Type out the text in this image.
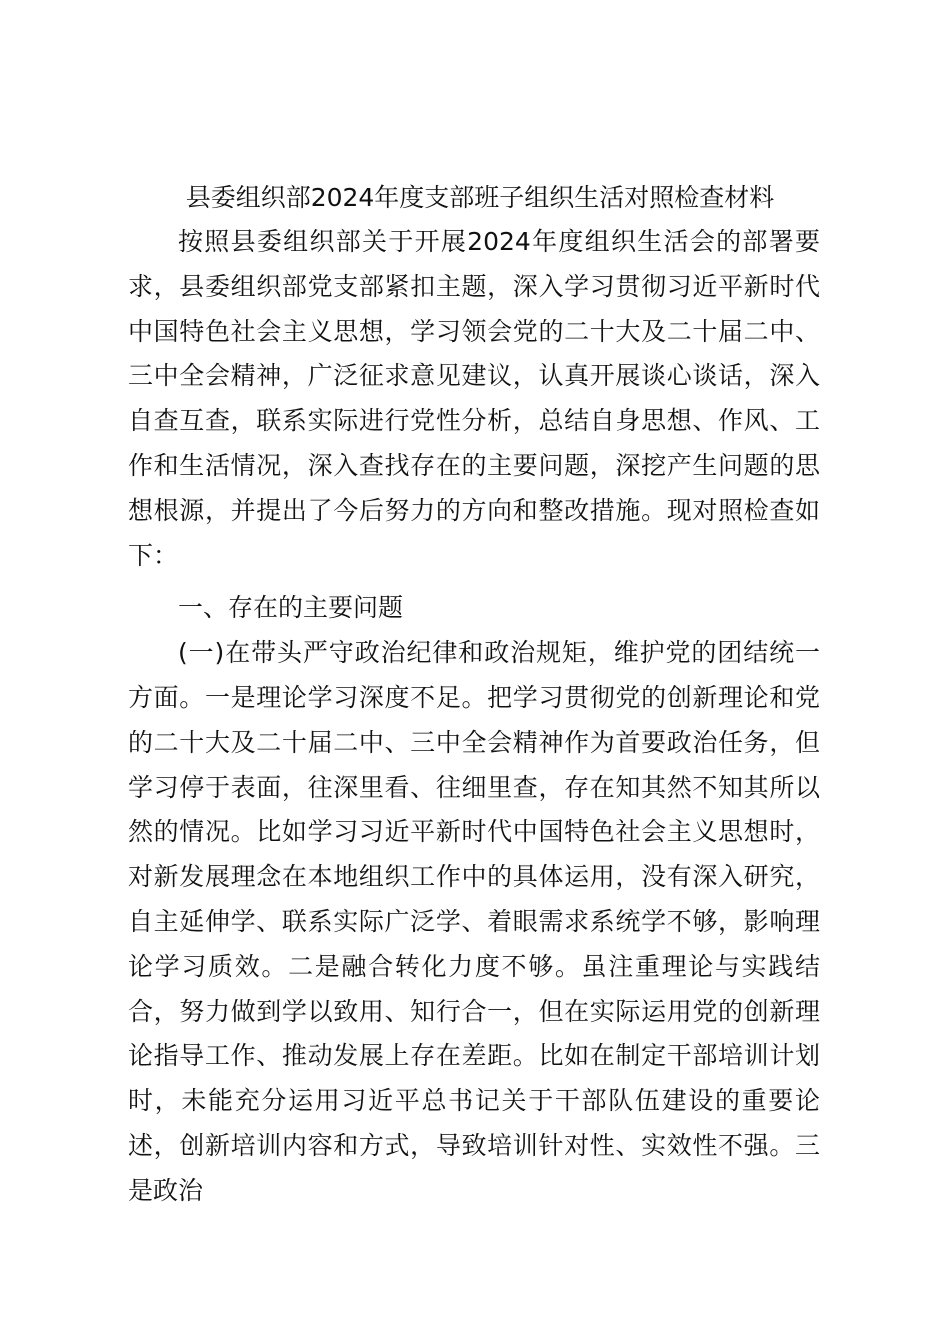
县委组织部2024年度支部班子组织生活对照检查材料

按照县委组织部关于开展2024年度组织生活会的部署要求，县委组织部党支部紧扣主题，深入学习贯彻习近平新时代中国特色社会主义思想，学习领会党的二十大及二十届二中、三中全会精神，广泛征求意见建议，认真开展谈心谈话，深入自查互查，联系实际进行党性分析，总结自身思想、作风、工作和生活情况，深入查找存在的主要问题，深挖产生问题的思想根源，并提出了今后努力的方向和整改措施。现对照检查如下：

一、存在的主要问题

(一)在带头严守政治纪律和政治规矩，维护党的团结统一方面。一是理论学习深度不足。把学习贯彻党的创新理论和党的二十大及二十届二中、三中全会精神作为首要政治任务，但学习停于表面，往深里看、往细里查，存在知其然不知其所以然的情况。比如学习习近平新时代中国特色社会主义思想时，对新发展理念在本地组织工作中的具体运用，没有深入研究，自主延伸学、联系实际广泛学、着眼需求系统学不够，影响理论学习质效。二是融合转化力度不够。虽注重理论与实践结合，努力做到学以致用、知行合一，但在实际运用党的创新理论指导工作、推动发展上存在差距。比如在制定干部培训计划时，未能充分运用习近平总书记关于干部队伍建设的重要论述，创新培训内容和方式，导致培训针对性、实效性不强。三是政治
